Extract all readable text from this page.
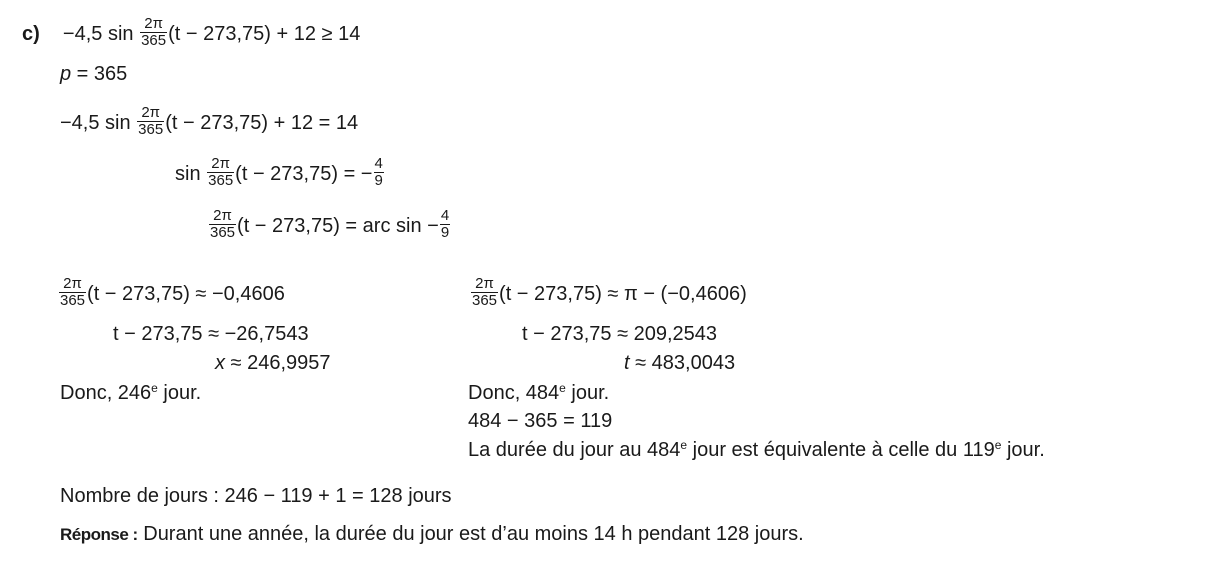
c) −4,5 $\sin \frac{2\pi}{365} (t - 273,75) + 12 \ge 14$
p = 365
−4,5 $\sin \frac{2\pi}{365} (t - 273,75) + 12 = 14$
$\sin \frac{2\pi}{365} (t - 273,75)$ = − $\frac{4}{9}$
$\frac{2\pi}{365} (t - 273,75)$ = arc $\sin - \frac{4}{9}$
$\frac{2\pi}{365} (t - 273,75) \approx -0,4606$
t − 273,75 ≈ −26,7543
x ≈ 246,9957
Donc, 246e jour.
$\frac{2\pi}{365} (t - 273,75) \approx \pi - (-0,4606)$
t − 273,75 ≈ 209,2543
t ≈ 483,0043
Donc, 484e jour.
484 − 365 = 119
La durée du jour au 484e jour est équivalente à celle du 119e jour.
Nombre de jours : 246 − 119 + 1 = 128 jours
Réponse : Durant une année, la durée du jour est d’au moins 14 h pendant 128 jours.
